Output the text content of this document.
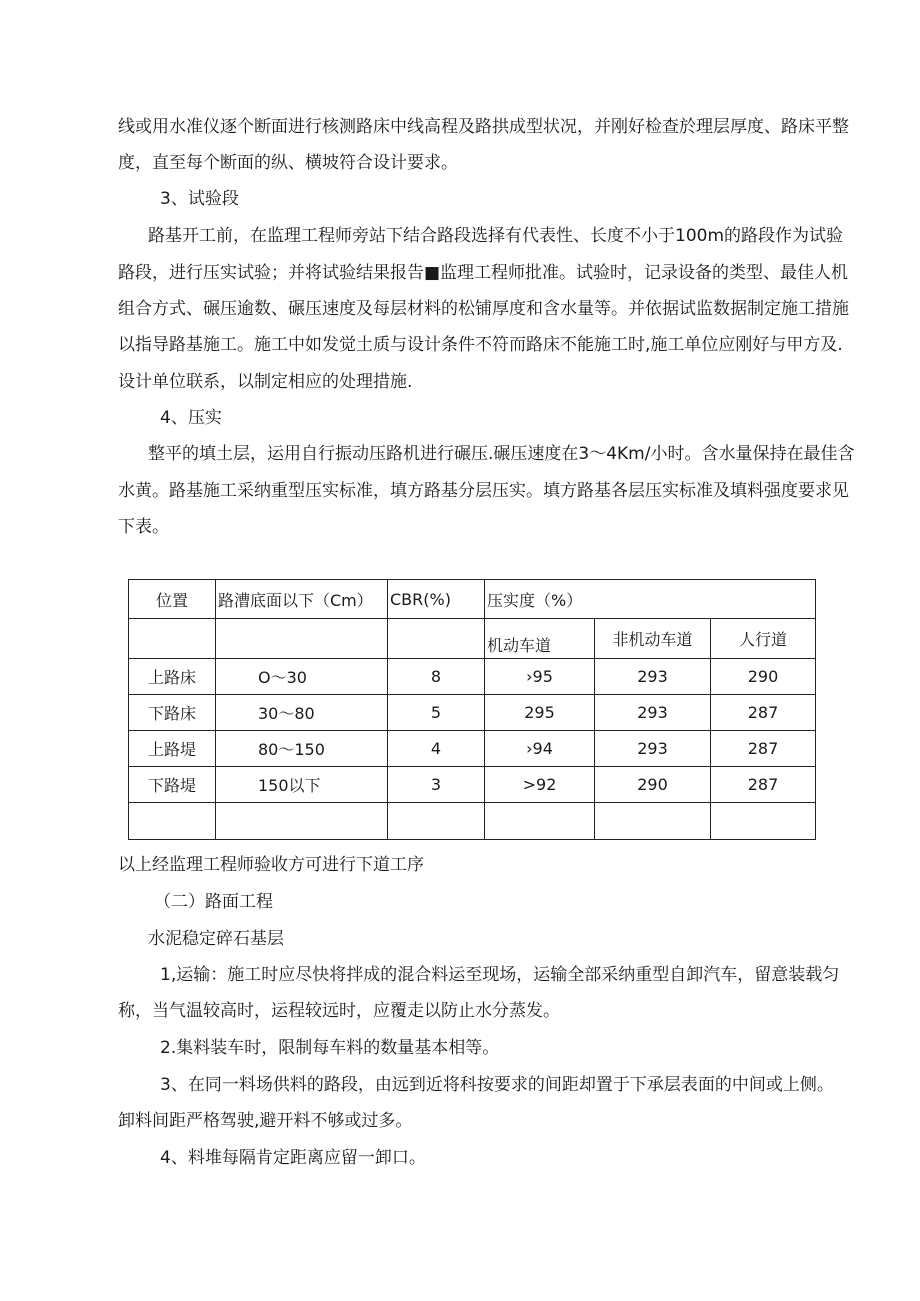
线或用水准仪逐个断面进行核测路床中线高程及路拱成型状况，并刚好检查於理层厚度、路床平整
度，直至每个断面的纵、横坡符合设计要求。
3、试验段
路基开工前，在监理工程师旁站下结合路段选择有代表性、长度不小于100m的路段作为试验
路段，进行压实试验；并将试验结果报告■监理工程师批准。试验时，记录设备的类型、最佳人机
组合方式、碾压逾数、碾压速度及每层材料的松铺厚度和含水量等。并依据试监数据制定施工措施
以指导路基施工。施工中如发觉土质与设计条件不符而路床不能施工时,施工单位应刚好与甲方及.
设计单位联系，以制定相应的处理措施.
4、压实
整平的填土层，运用自行振动压路机进行碾压.碾压速度在3〜4Km/小时。含水量保持在最佳含
水黄。路基施工采纳重型压实标准，填方路基分层压实。填方路基各层压实标准及填料强度要求见
下表。
位置	路漕底面以下（Cm）	CBR(%)	压实度（%）		
			机动车道	非机动车道	人行道
上路床	O〜30	8	›95	293	290
下路床	30〜80	5	295	293	287
上路堤	80〜150	4	›94	293	287
下路堤	150以下	3	>92	290	287

以上经监理工程师验收方可进行下道工序
（二）路面工程
水泥稳定碎石基层
1,运输：施工时应尽快将拌成的混合料运至现场，运输全部采纳重型自卸汽车，留意装载匀
称，当气温较高时，运程较远时，应覆走以防止水分蒸发。
2.集料装车时，限制每车料的数量基本相等。
3、在同一料场供料的路段，由远到近将科按要求的间距却置于下承层表面的中间或上侧。
卸料间距严格驾驶,避开料不够或过多。
4、料堆每隔肯定距离应留一卸口。
